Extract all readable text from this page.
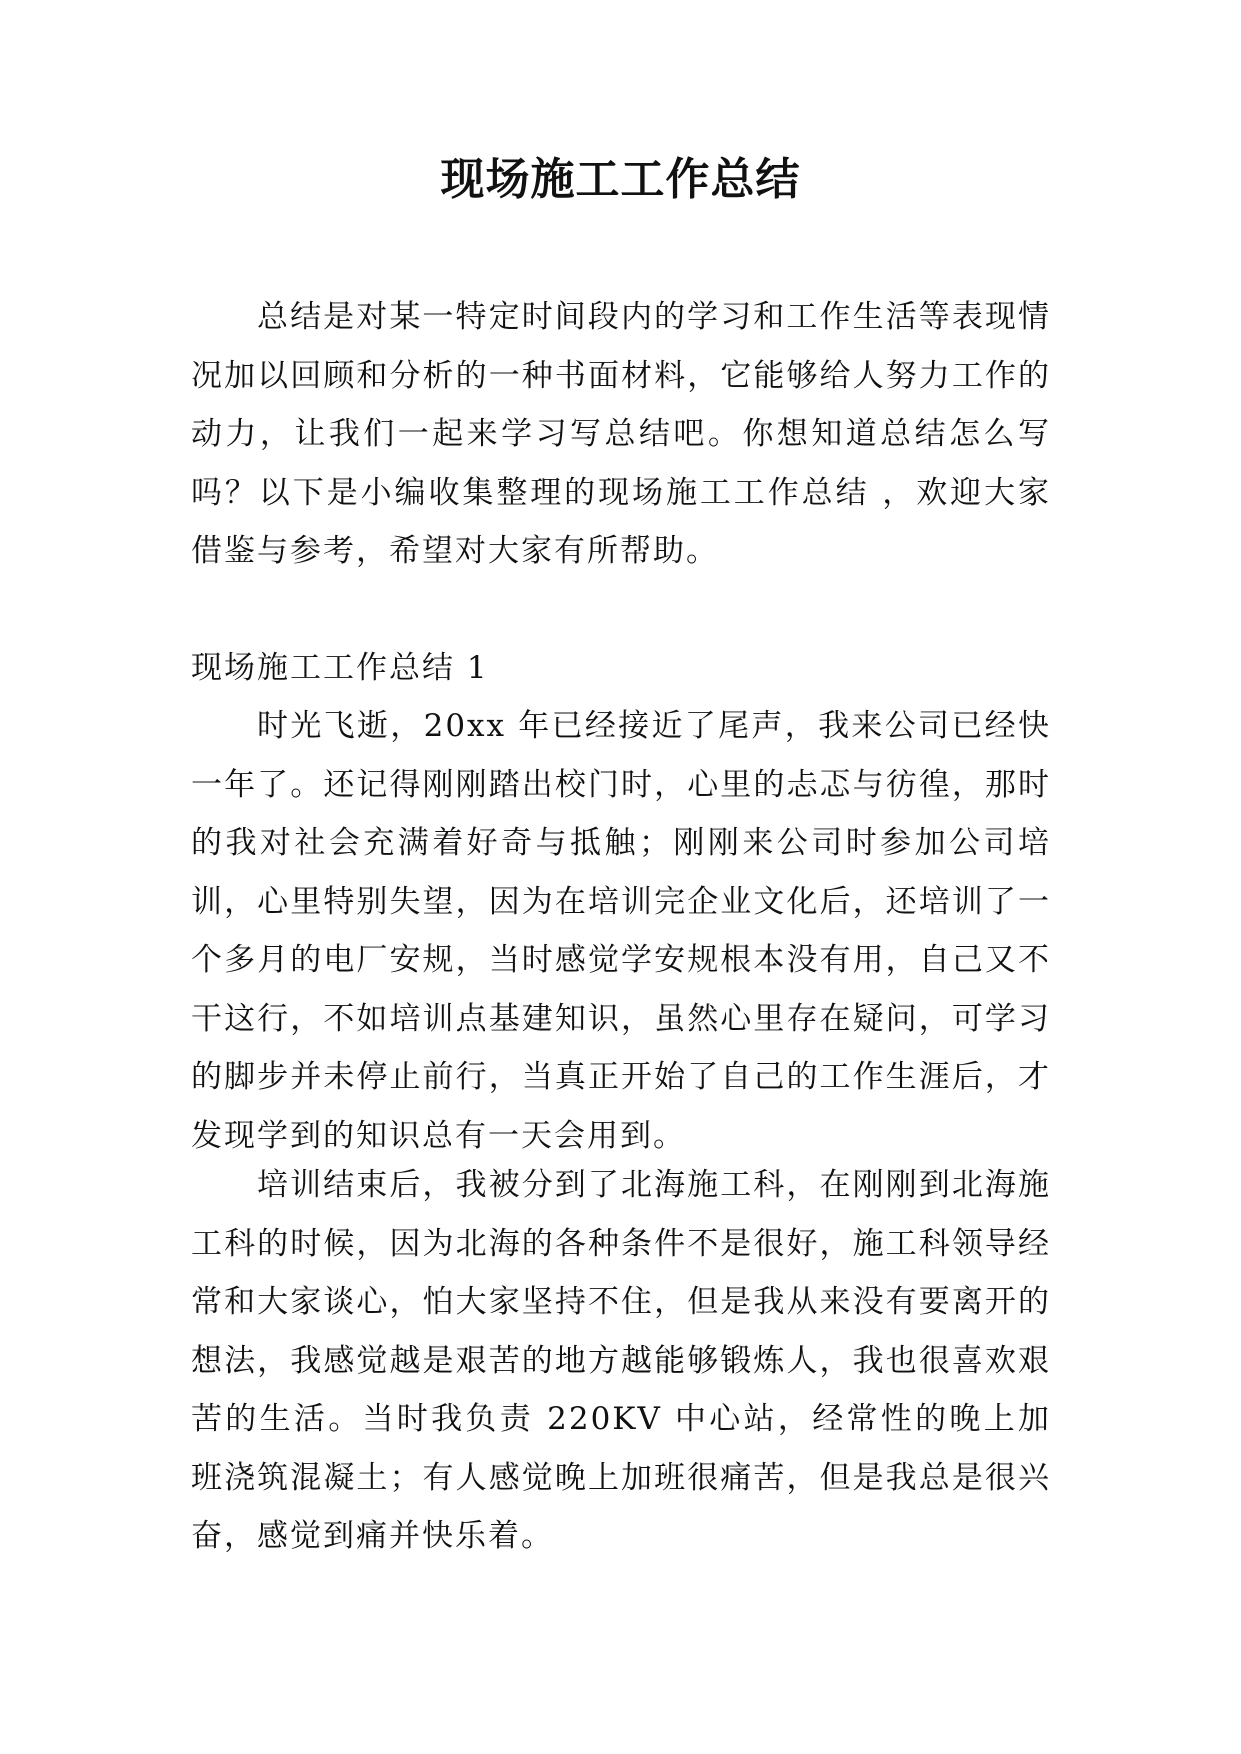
现场施工工作总结

总结是对某一特定时间段内的学习和工作生活等表现情况加以回顾和分析的一种书面材料，它能够给人努力工作的动力，让我们一起来学习写总结吧。你想知道总结怎么写吗？以下是小编收集整理的现场施工工作总结 ，欢迎大家借鉴与参考，希望对大家有所帮助。

现场施工工作总结 1

时光飞逝，20xx 年已经接近了尾声，我来公司已经快一年了。还记得刚刚踏出校门时，心里的忐忑与彷徨，那时的我对社会充满着好奇与抵触；刚刚来公司时参加公司培训，心里特别失望，因为在培训完企业文化后，还培训了一个多月的电厂安规，当时感觉学安规根本没有用，自己又不干这行，不如培训点基建知识，虽然心里存在疑问，可学习的脚步并未停止前行，当真正开始了自己的工作生涯后，才发现学到的知识总有一天会用到。

培训结束后，我被分到了北海施工科，在刚刚到北海施工科的时候，因为北海的各种条件不是很好，施工科领导经常和大家谈心，怕大家坚持不住，但是我从来没有要离开的想法，我感觉越是艰苦的地方越能够锻炼人，我也很喜欢艰苦的生活。当时我负责 220KV 中心站，经常性的晚上加班浇筑混凝土；有人感觉晚上加班很痛苦，但是我总是很兴奋，感觉到痛并快乐着。
